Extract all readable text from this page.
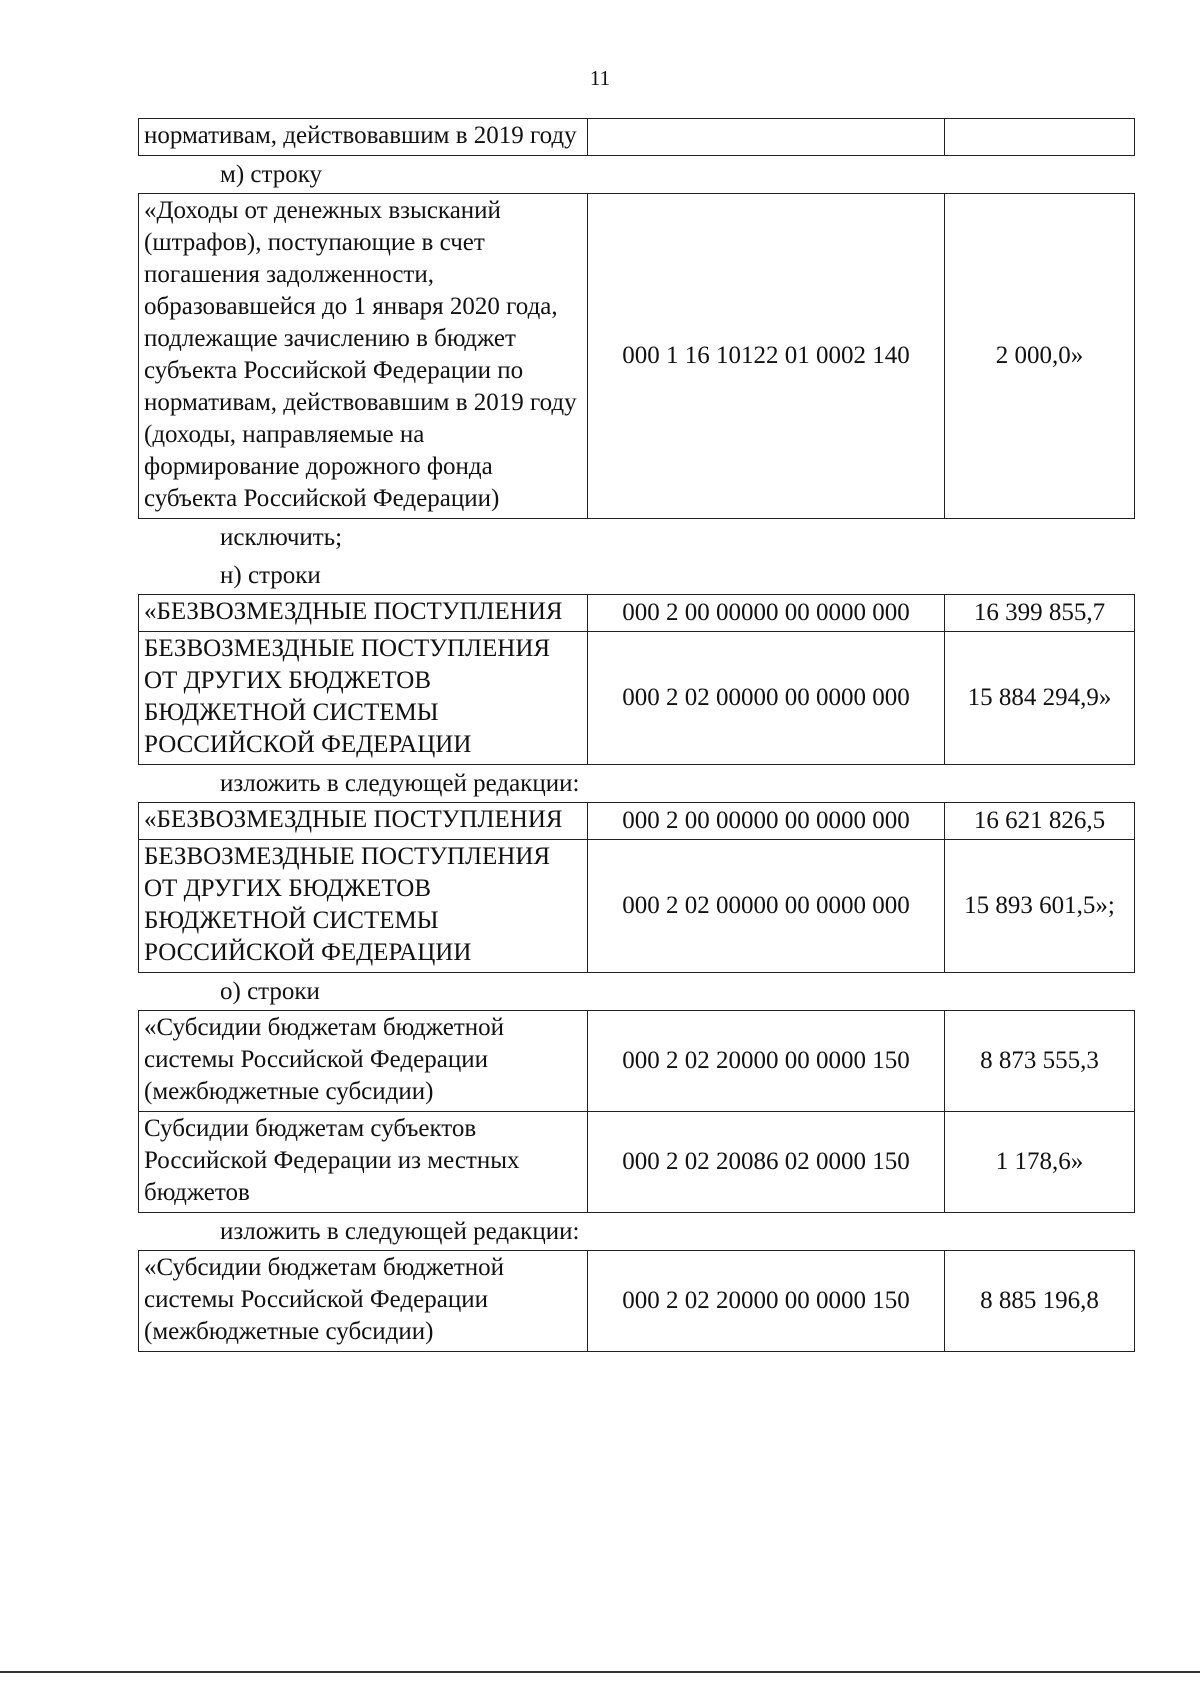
11
нормативам, действовавшим в 2019 году		
м) строку
«Доходы от денежных взысканий (штрафов), поступающие в счет погашения задолженности, образовавшейся до 1 января 2020 года, подлежащие зачислению в бюджет субъекта Российской Федерации по нормативам, действовавшим в 2019 году (доходы, направляемые на формирование дорожного фонда субъекта Российской Федерации)	000 1 16 10122 01 0002 140	2 000,0»
исключить;
н) строки
«БЕЗВОЗМЕЗДНЫЕ ПОСТУПЛЕНИЯ	000 2 00 00000 00 0000 000	16 399 855,7
БЕЗВОЗМЕЗДНЫЕ ПОСТУПЛЕНИЯ ОТ ДРУГИХ БЮДЖЕТОВ БЮДЖЕТНОЙ СИСТЕМЫ РОССИЙСКОЙ ФЕДЕРАЦИИ	000 2 02 00000 00 0000 000	15 884 294,9»
изложить в следующей редакции:
«БЕЗВОЗМЕЗДНЫЕ ПОСТУПЛЕНИЯ	000 2 00 00000 00 0000 000	16 621 826,5
БЕЗВОЗМЕЗДНЫЕ ПОСТУПЛЕНИЯ ОТ ДРУГИХ БЮДЖЕТОВ БЮДЖЕТНОЙ СИСТЕМЫ РОССИЙСКОЙ ФЕДЕРАЦИИ	000 2 02 00000 00 0000 000	15 893 601,5»;
о) строки
«Субсидии бюджетам бюджетной системы Российской Федерации (межбюджетные субсидии)	000 2 02 20000 00 0000 150	8 873 555,3
Субсидии бюджетам субъектов Российской Федерации из местных бюджетов	000 2 02 20086 02 0000 150	1 178,6»
изложить в следующей редакции:
«Субсидии бюджетам бюджетной системы Российской Федерации (межбюджетные субсидии)	000 2 02 20000 00 0000 150	8 885 196,8
